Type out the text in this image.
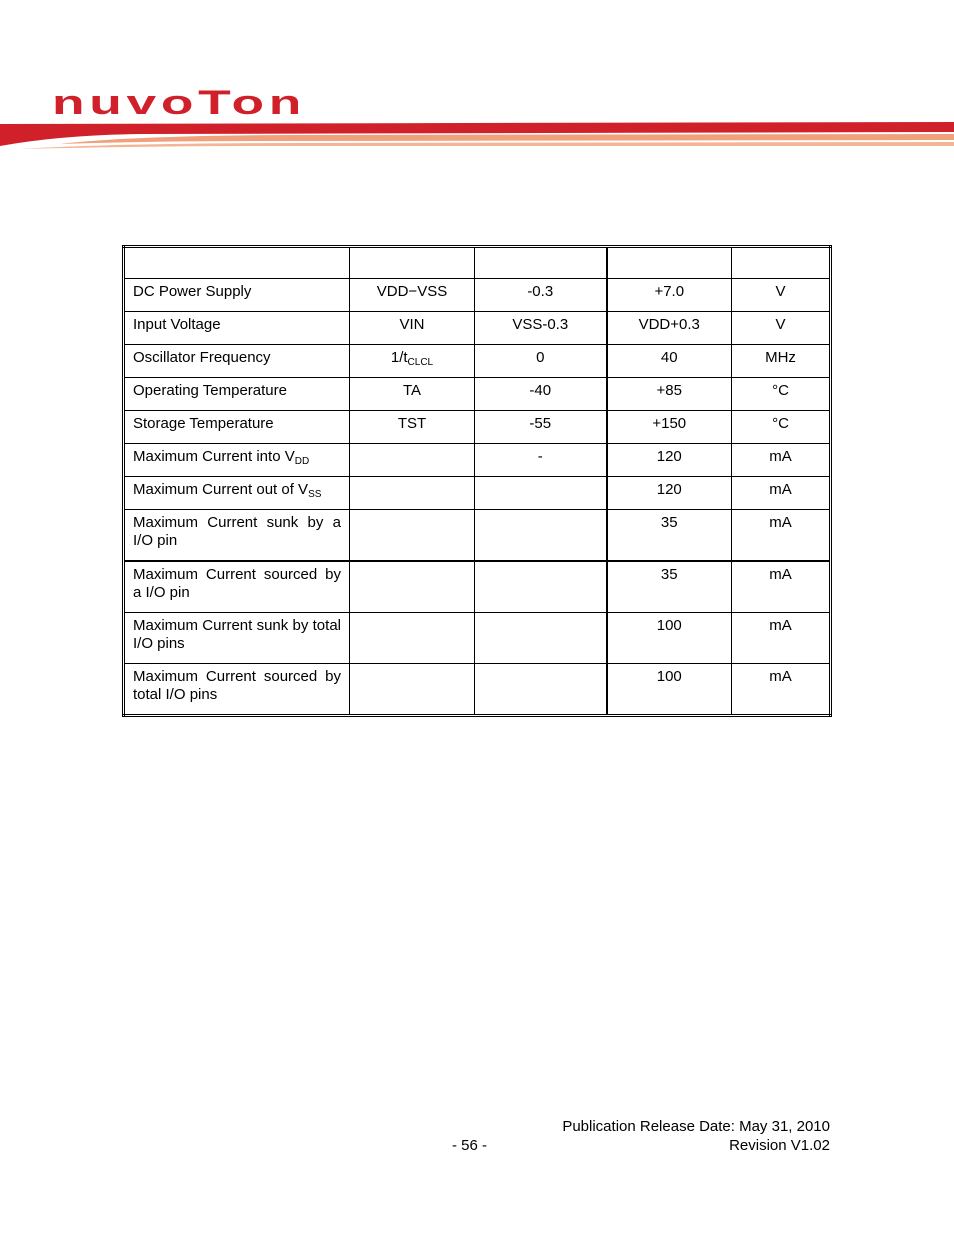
nuvoTon

DC Power Supply	VDD−VSS	-0.3	+7.0	V
Input Voltage	VIN	VSS-0.3	VDD+0.3	V
Oscillator Frequency	$1/t_{CLCL}$	0	40	MHz
Operating Temperature	TA	-40	+85	°C
Storage Temperature	TST	-55	+150	°C
Maximum Current into $V_{DD}$		-	120	mA
Maximum Current out of $V_{SS}$			120	mA
Maximum Current sunk by a I/O pin			35	mA
Maximum Current sourced by a I/O pin			35	mA
Maximum Current sunk by total I/O pins			100	mA
Maximum Current sourced by total I/O pins			100	mA
Publication Release Date: May 31, 2010
- 56 -	Revision V1.02
